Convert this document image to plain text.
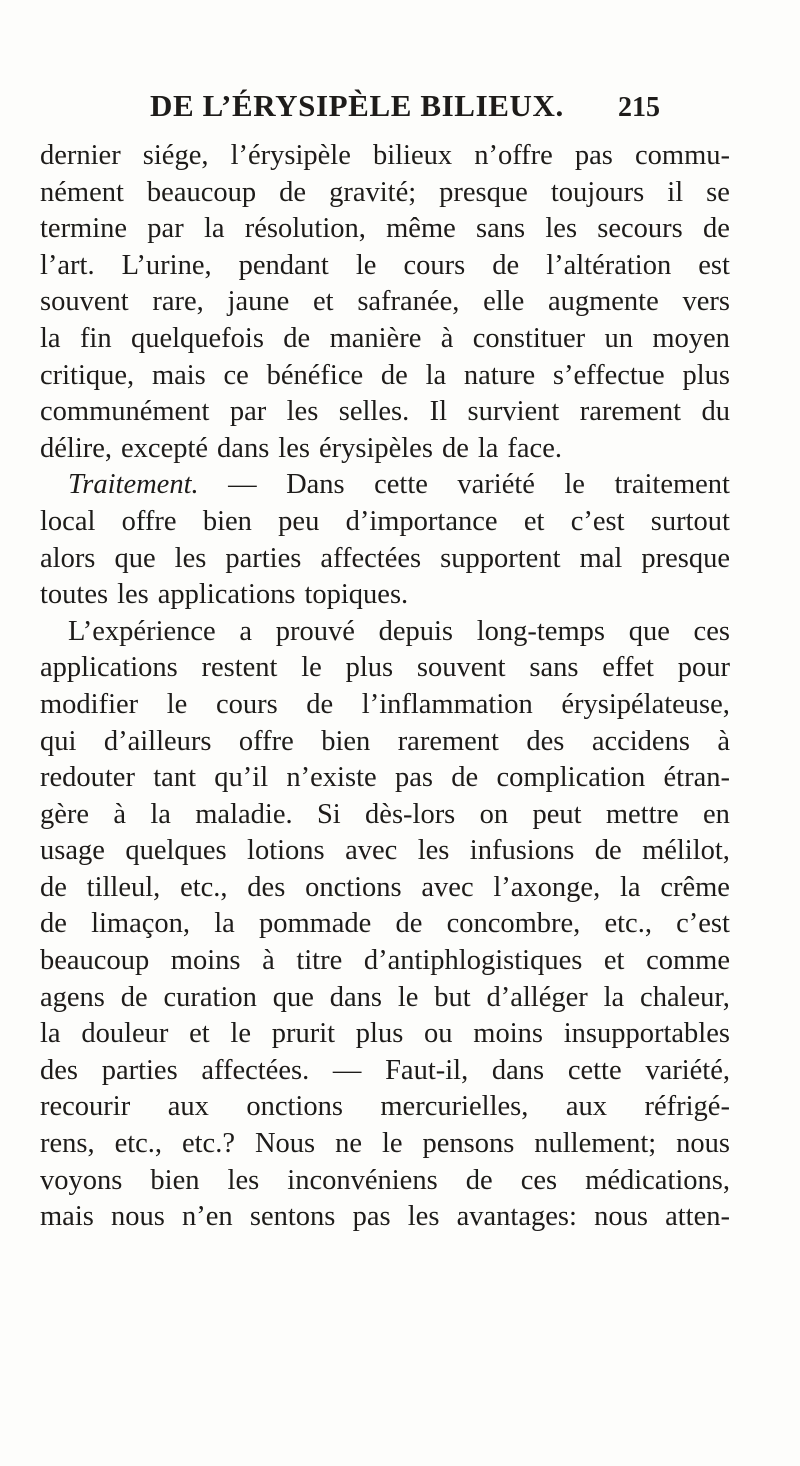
DE L’ÉRYSIPÈLE BILIEUX. 215
dernier siége, l’érysipèle bilieux n’offre pas commu-
nément beaucoup de gravité; presque toujours il se
termine par la résolution, même sans les secours de
l’art. L’urine, pendant le cours de l’altération est
souvent rare, jaune et safranée, elle augmente vers
la fin quelquefois de manière à constituer un moyen
critique, mais ce bénéfice de la nature s’effectue plus
communément par les selles. Il survient rarement du
délire, excepté dans les érysipèles de la face.
Traitement. — Dans cette variété le traitement
local offre bien peu d’importance et c’est surtout
alors que les parties affectées supportent mal presque
toutes les applications topiques.
L’expérience a prouvé depuis long-temps que ces
applications restent le plus souvent sans effet pour
modifier le cours de l’inflammation érysipélateuse,
qui d’ailleurs offre bien rarement des accidens à
redouter tant qu’il n’existe pas de complication étran-
gère à la maladie. Si dès-lors on peut mettre en
usage quelques lotions avec les infusions de mélilot,
de tilleul, etc., des onctions avec l’axonge, la crême
de limaçon, la pommade de concombre, etc., c’est
beaucoup moins à titre d’antiphlogistiques et comme
agens de curation que dans le but d’alléger la chaleur,
la douleur et le prurit plus ou moins insupportables
des parties affectées. — Faut-il, dans cette variété,
recourir aux onctions mercurielles, aux réfrigé-
rens, etc., etc.? Nous ne le pensons nullement; nous
voyons bien les inconvéniens de ces médications,
mais nous n’en sentons pas les avantages: nous atten-
